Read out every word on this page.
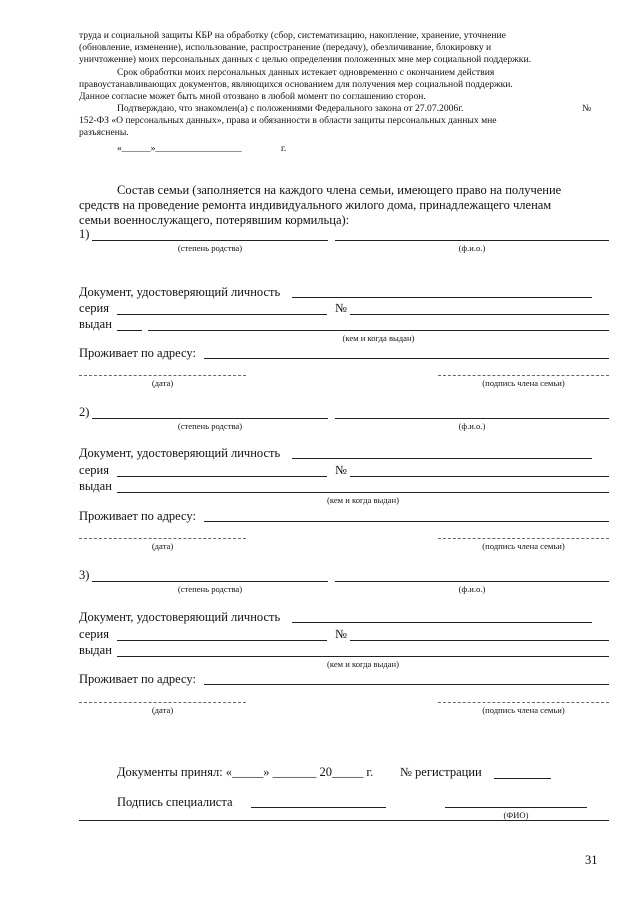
труда и социальной защиты КБР на обработку (сбор, систематизацию, накопление, хранение, уточнение
(обновление, изменение), использование, распространение (передачу), обезличивание, блокировку и
уничтожение) моих персональных данных с целью определения положенных мне мер социальной поддержки.
Срок обработки моих персональных данных истекает одновременно с окончанием действия
правоустанавливающих документов, являющихся основанием для получения мер социальной поддержки.
Данное согласие может быть мной отозвано в любой момент по соглашению сторон.
Подтверждаю, что знакомлен(а) с положениями Федерального закона от 27.07.2006г.	№
152-ФЗ «О персональных данных», права и обязанности в области защиты персональных данных мне
разъяснены.
«______»__________________	г.
Состав семьи (заполняется на каждого члена семьи, имеющего право на получение
средств на проведение ремонта индивидуального жилого дома, принадлежащего членам
семьи военнослужащего, потерявшим кормильца):
1)
(степень родства)	(ф.и.о.)
Документ, удостоверяющий личность
серия	№
выдан
(кем и когда выдан)
Проживает по адресу:
(дата)	(подпись члена семьи)
2)
(степень родства)	(ф.и.о.)
Документ, удостоверяющий личность
серия	№
выдан
(кем и когда выдан)
Проживает по адресу:
(дата)	(подпись члена семьи)
3)
(степень родства)	(ф.и.о.)
Документ, удостоверяющий личность
серия	№
выдан
(кем и когда выдан)
Проживает по адресу:
(дата)	(подпись члена семьи)
Документы принял: «_____» _______ 20_____ г. № регистрации
Подпись специалиста
(ФИО)
31
